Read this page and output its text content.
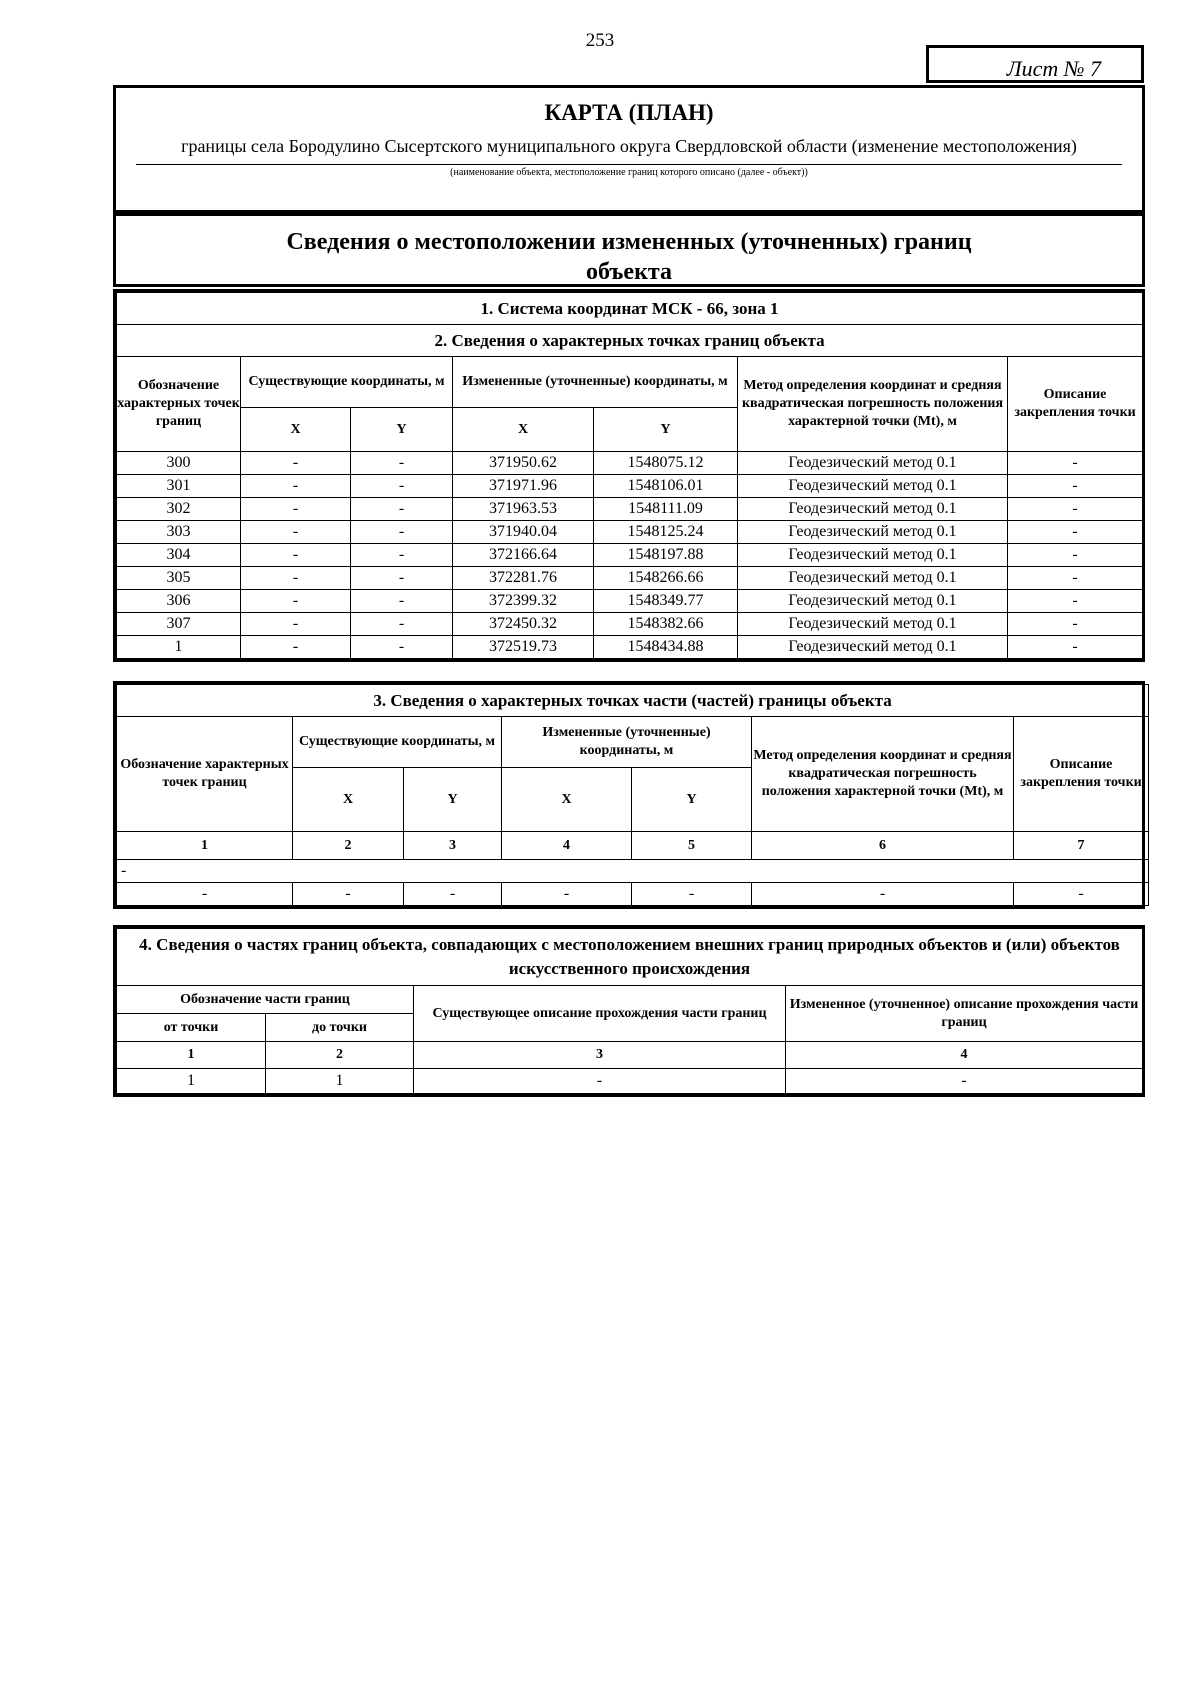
253
Лист № 7
КАРТА (ПЛАН)
границы села Бородулино Сысертского муниципального округа Свердловской области (изменение местоположения)
(наименование объекта, местоположение границ которого описано (далее - объект))
Сведения о местоположении измененных (уточненных) границ объекта
1. Система координат МСК - 66, зона 1						
2. Сведения о характерных точках границ объекта						
Обозначение характерных точек границ	Существующие координаты, м		Измененные (уточненные) координаты, м		Метод определения координат и средняя квадратическая погрешность положения характерной точки (Mt), м	Описание закрепления точки
	X	Y	X	Y		
300	-	-	371950.62	1548075.12	Геодезический метод 0.1	-
301	-	-	371971.96	1548106.01	Геодезический метод 0.1	-
302	-	-	371963.53	1548111.09	Геодезический метод 0.1	-
303	-	-	371940.04	1548125.24	Геодезический метод 0.1	-
304	-	-	372166.64	1548197.88	Геодезический метод 0.1	-
305	-	-	372281.76	1548266.66	Геодезический метод 0.1	-
306	-	-	372399.32	1548349.77	Геодезический метод 0.1	-
307	-	-	372450.32	1548382.66	Геодезический метод 0.1	-
1	-	-	372519.73	1548434.88	Геодезический метод 0.1	-
3. Сведения о характерных точках части (частей) границы объекта						
Обозначение характерных точек границ	Существующие координаты, м		Измененные (уточненные) координаты, м		Метод определения координат и средняя квадратическая погрешность положения характерной точки (Mt), м	Описание закрепления точки
	X	Y	X	Y		
1	2	3	4	5	6	7
-						
-	-	-	-	-	-	-
4. Сведения о частях границ объекта, совпадающих с местоположением внешних границ природных объектов и (или) объектов искусственного происхождения			
Обозначение части границ		Существующее описание прохождения части границ	Измененное (уточненное) описание прохождения части границ
от точки	до точки		
1	2	3	4
1	1	-	-
